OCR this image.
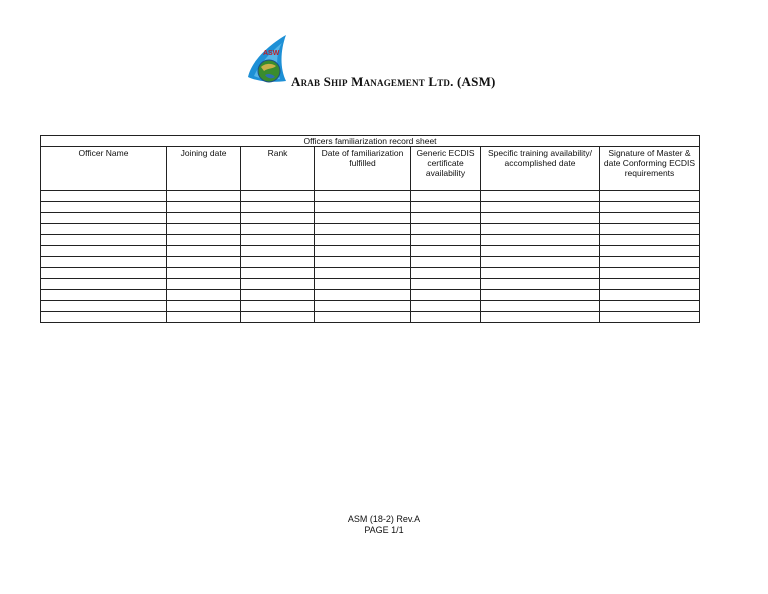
ASW
Arab Ship Management Ltd. (ASM)
Officers familiarization record sheet						
Officer Name	Joining date	Rank	Date of familiarization fulfilled	Generic ECDIS certificate availability	Specific training availability/ accomplished date	Signature of Master & date Conforming ECDIS requirements

ASM (18-2) Rev.A
PAGE 1/1
